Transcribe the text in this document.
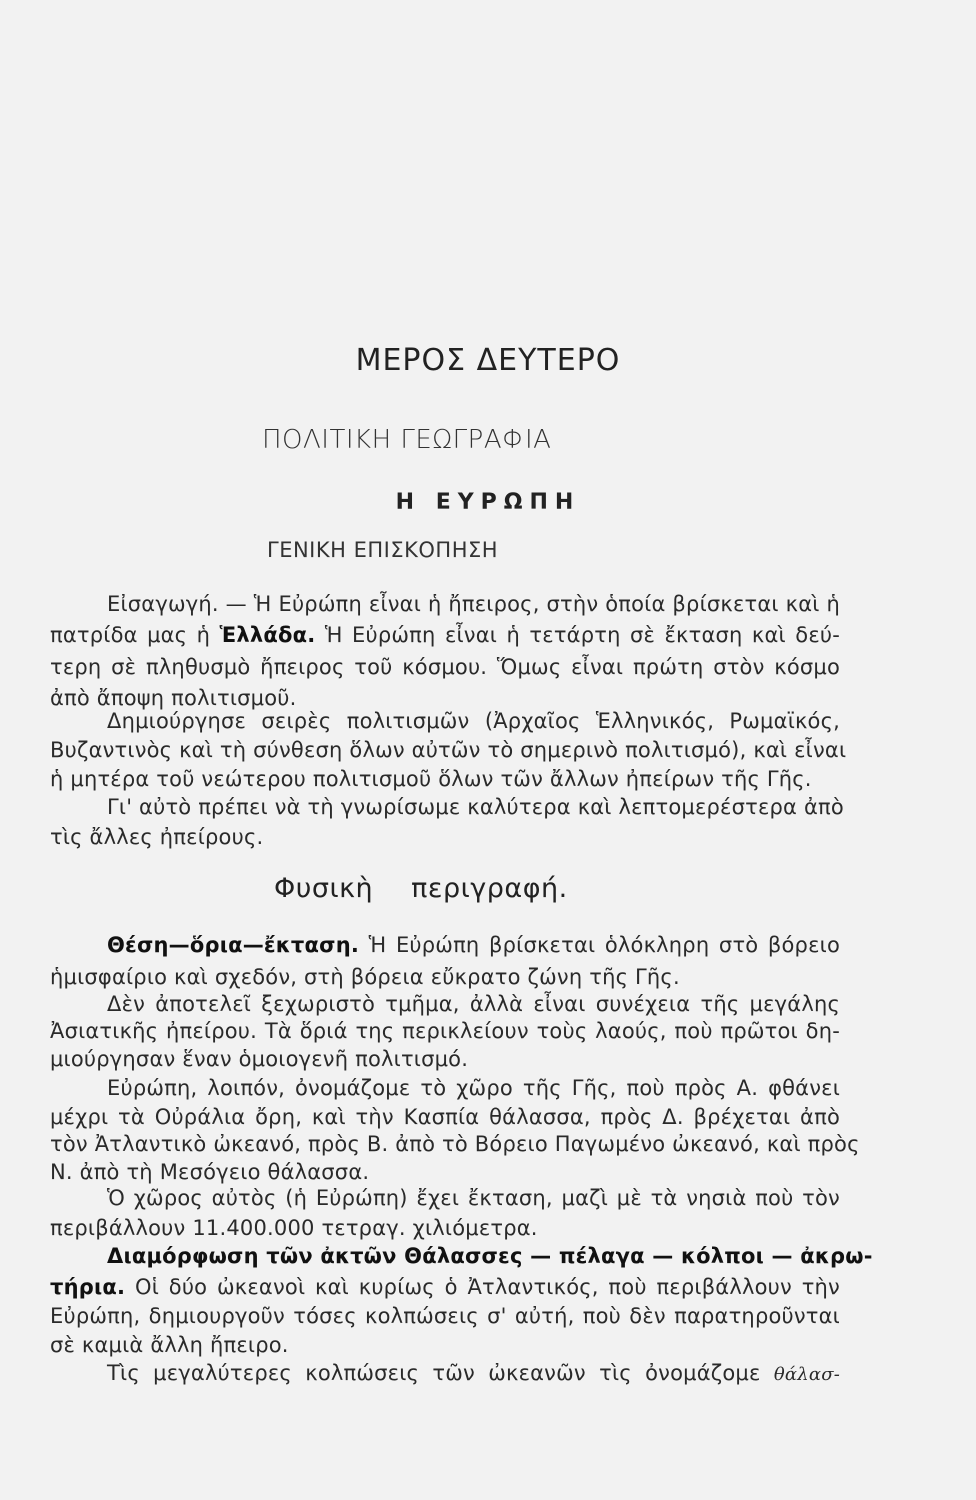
ΜΕΡΟΣ ΔΕΥΤΕΡΟ
ΠΟΛΙΤΙΚΗ ΓΕΩΓΡΑΦΙΑ
Η ΕΥΡΩΠΗ
ΓΕΝΙΚΗ ΕΠΙΣΚΟΠΗΣΗ
Εἰσαγωγή. — Ἡ Εὐρώπη εἶναι ἡ ἤπειρος, στὴν ὁποία βρίσκεται καὶ ἡ
πατρίδα μας ἡ Ἑλλάδα. Ἡ Εὐρώπη εἶναι ἡ τετάρτη σὲ ἔκταση καὶ δεύ-
τερη σὲ πληθυσμὸ ἤπειρος τοῦ κόσμου. Ὅμως εἶναι πρώτη στὸν κόσμο
ἀπὸ ἄποψη πολιτισμοῦ.
Δημιούργησε σειρὲς πολιτισμῶν (Ἀρχαῖος Ἑλληνικός, Ρωμαϊκός,
Βυζαντινὸς καὶ τὴ σύνθεση ὅλων αὐτῶν τὸ σημερινὸ πολιτισμό), καὶ εἶναι
ἡ μητέρα τοῦ νεώτερου πολιτισμοῦ ὅλων τῶν ἄλλων ἠπείρων τῆς Γῆς.
Γι' αὐτὸ πρέπει νὰ τὴ γνωρίσωμε καλύτερα καὶ λεπτομερέστερα ἀπὸ
τὶς ἄλλες ἠπείρους.
Φυσικὴ περιγραφή.
Θέση—ὅρια—ἔκταση. Ἡ Εὐρώπη βρίσκεται ὁλόκληρη στὸ βόρειο
ἡμισφαίριο καὶ σχεδόν, στὴ βόρεια εὔκρατο ζώνη τῆς Γῆς.
Δὲν ἀποτελεῖ ξεχωριστὸ τμῆμα, ἀλλὰ εἶναι συνέχεια τῆς μεγάλης
Ἀσιατικῆς ἠπείρου. Τὰ ὅριά της περικλείουν τοὺς λαούς, ποὺ πρῶτοι δη-
μιούργησαν ἕναν ὁμοιογενῆ πολιτισμό.
Εὐρώπη, λοιπόν, ὀνομάζομε τὸ χῶρο τῆς Γῆς, ποὺ πρὸς Α. φθάνει
μέχρι τὰ Οὐράλια ὄρη, καὶ τὴν Κασπία θάλασσα, πρὸς Δ. βρέχεται ἀπὸ
τὸν Ἀτλαντικὸ ὠκεανό, πρὸς Β. ἀπὸ τὸ Βόρειο Παγωμένο ὠκεανό, καὶ πρὸς
Ν. ἀπὸ τὴ Μεσόγειο θάλασσα.
Ὁ χῶρος αὐτὸς (ἡ Εὐρώπη) ἔχει ἔκταση, μαζὶ μὲ τὰ νησιὰ ποὺ τὸν
περιβάλλουν 11.400.000 τετραγ. χιλιόμετρα.
Διαμόρφωση τῶν ἀκτῶν Θάλασσες — πέλαγα — κόλποι — ἀκρω-
τήρια. Οἱ δύο ὠκεανοὶ καὶ κυρίως ὁ Ἀτλαντικός, ποὺ περιβάλλουν τὴν
Εὐρώπη, δημιουργοῦν τόσες κολπώσεις σ' αὐτή, ποὺ δὲν παρατηροῦνται
σὲ καμιὰ ἄλλη ἤπειρο.
Τὶς μεγαλύτερες κολπώσεις τῶν ὠκεανῶν τὶς ὀνομάζομε θάλασ-
